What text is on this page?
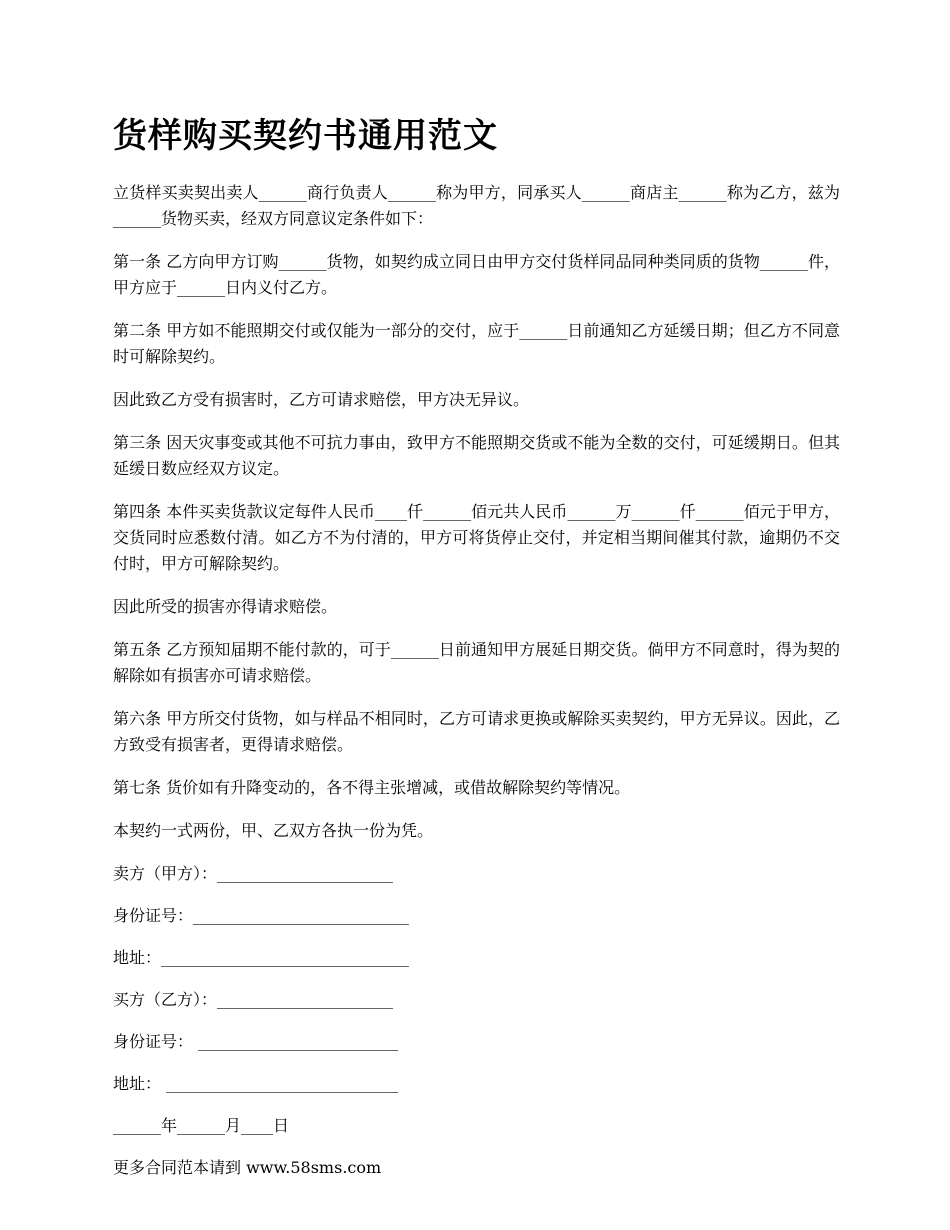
货样购买契约书通用范文

立货样买卖契出卖人______商行负责人______称为甲方，同承买人______商店主______称为乙方，兹为______货物买卖，经双方同意议定条件如下：

第一条 乙方向甲方订购______货物，如契约成立同日由甲方交付货样同品同种类同质的货物______件，甲方应于______日内义付乙方。

第二条 甲方如不能照期交付或仅能为一部分的交付，应于______日前通知乙方延缓日期；但乙方不同意时可解除契约。

因此致乙方受有损害时，乙方可请求赔偿，甲方决无异议。

第三条 因天灾事变或其他不可抗力事由，致甲方不能照期交货或不能为全数的交付，可延缓期日。但其延缓日数应经双方议定。

第四条 本件买卖货款议定每件人民币____仟______佰元共人民币______万______仟______佰元于甲方，交货同时应悉数付清。如乙方不为付清的，甲方可将货停止交付，并定相当期间催其付款，逾期仍不交付时，甲方可解除契约。

因此所受的损害亦得请求赔偿。

第五条 乙方预知届期不能付款的，可于______日前通知甲方展延日期交货。倘甲方不同意时，得为契的解除如有损害亦可请求赔偿。

第六条 甲方所交付货物，如与样品不相同时，乙方可请求更换或解除买卖契约，甲方无异议。因此，乙方致受有损害者，更得请求赔偿。

第七条 货价如有升降变动的，各不得主张增减，或借故解除契约等情况。

本契约一式两份，甲、乙双方各执一份为凭。

卖方（甲方）：______________________

身份证号：___________________________

地址：_______________________________

买方（乙方）：______________________

身份证号： _________________________

地址： _____________________________

______年______月____日

更多合同范本请到 www.58sms.com
